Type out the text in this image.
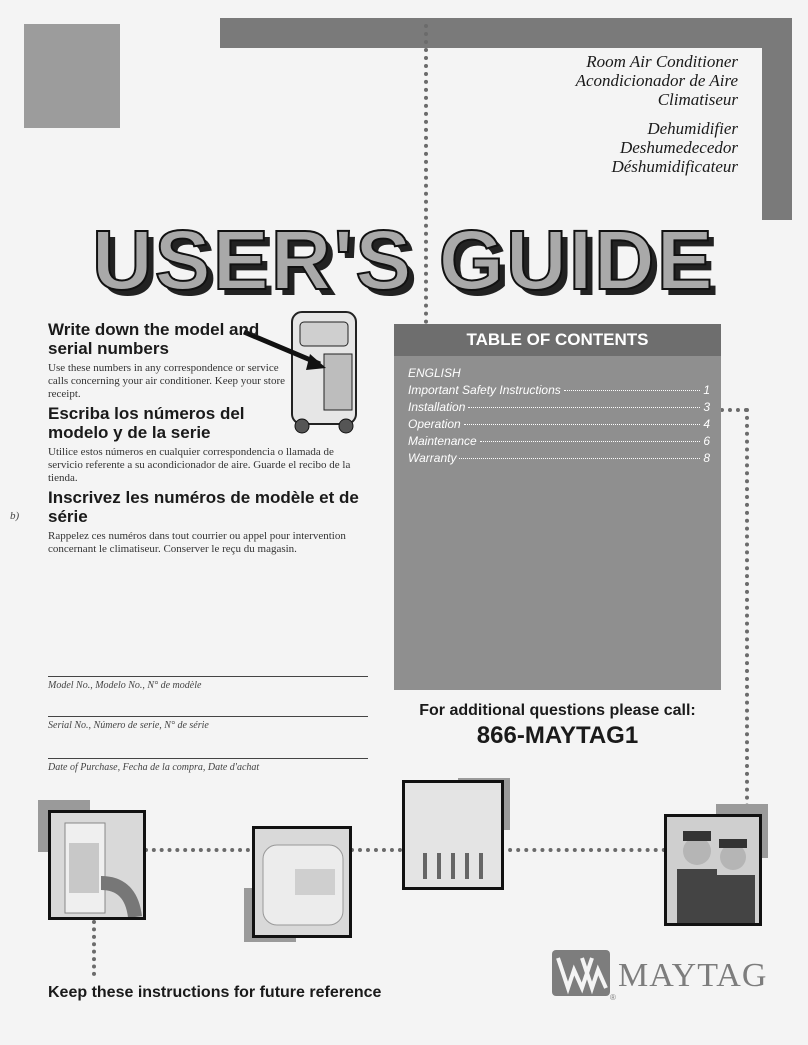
Room Air Conditioner
Acondicionador de Aire
Climatiseur
Dehumidifier
Deshumedecedor
Déshumidificateur
USER'S GUIDE
Write down the model and
serial numbers

Use these numbers in any correspondence or service calls concerning your air conditioner. Keep your store receipt.

Escriba los números del
modelo y de la serie

Utilice estos números en cualquier correspondencia o llamada de servicio referente a su acondicionador de aire. Guarde el recibo de la tienda.

Inscrivez les numéros de modèle et de
série

Rappelez ces numéros dans tout courrier ou appel pour intervention concernant le climatiseur. Conserver le reçu du magasin.

b)
Model No., Modelo No., N° de modèle
Serial No., Número de serie, N° de série
Date of Purchase, Fecha de la compra, Date d'achat
TABLE OF CONTENTS
ENGLISH
Important Safety Instructions	1
Installation	3
Operation	4
Maintenance	6
Warranty	8
For additional questions please call:
866-MAYTAG1
Keep these instructions for future reference	MAYTAG
®
